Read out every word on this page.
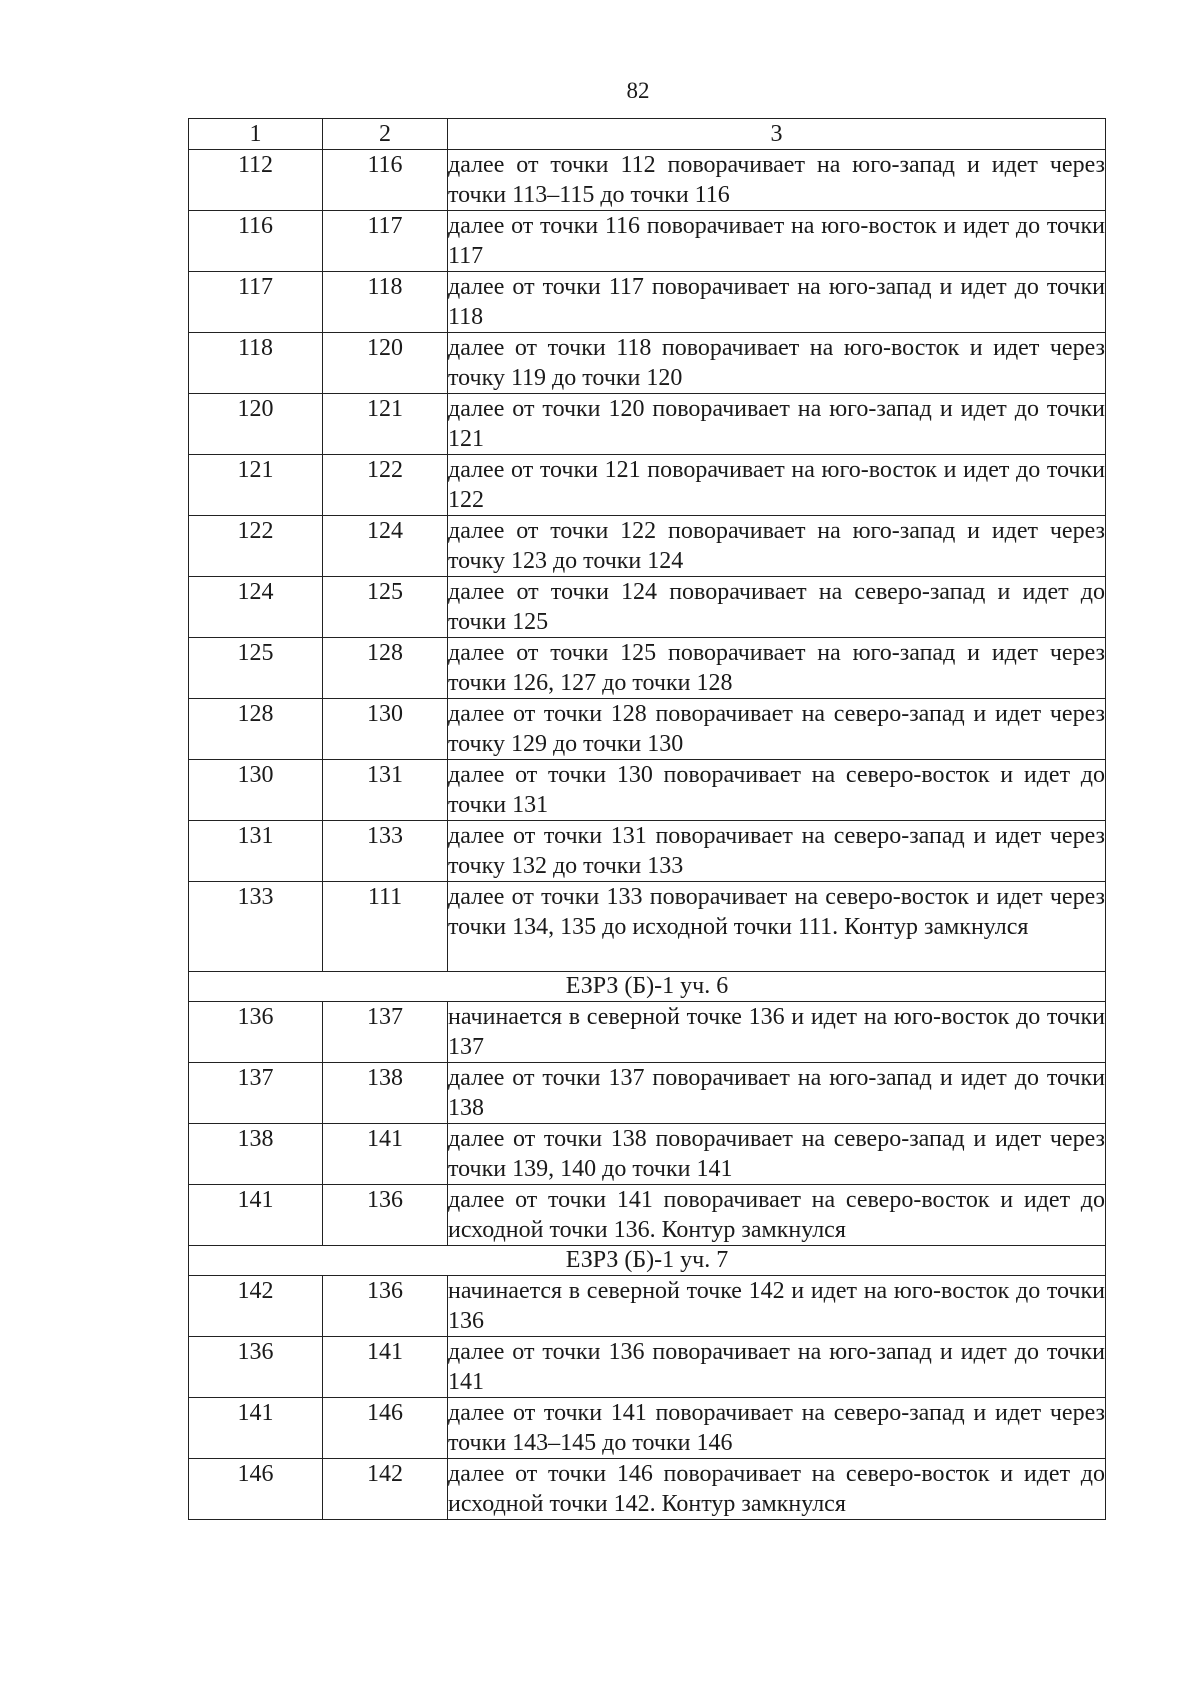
82
1	2	3
112	116	далее от точки 112 поворачивает на юго-запад и идет через точки 113–115 до точки 116
116	117	далее от точки 116 поворачивает на юго-восток и идет до точки 117
117	118	далее от точки 117 поворачивает на юго-запад и идет до точки 118
118	120	далее от точки 118 поворачивает на юго-восток и идет через точку 119 до точки 120
120	121	далее от точки 120 поворачивает на юго-запад и идет до точки 121
121	122	далее от точки 121 поворачивает на юго-восток и идет до точки 122
122	124	далее от точки 122 поворачивает на юго-запад и идет через точку 123 до точки 124
124	125	далее от точки 124 поворачивает на северо-запад и идет до точки 125
125	128	далее от точки 125 поворачивает на юго-запад и идет через точки 126, 127 до точки 128
128	130	далее от точки 128 поворачивает на северо-запад и идет через точку 129 до точки 130
130	131	далее от точки 130 поворачивает на северо-восток и идет до точки 131
131	133	далее от точки 131 поворачивает на северо-запад и идет через точку 132 до точки 133
133	111	далее от точки 133 поворачивает на северо-восток и идет через точки 134, 135 до исходной точки 111. Контур замкнулся
ЕЗРЗ (Б)-1 уч. 6		
136	137	начинается в северной точке 136 и идет на юго-восток до точки 137
137	138	далее от точки 137 поворачивает на юго-запад и идет до точки 138
138	141	далее от точки 138 поворачивает на северо-запад и идет через точки 139, 140 до точки 141
141	136	далее от точки 141 поворачивает на северо-восток и идет до исходной точки 136. Контур замкнулся
ЕЗРЗ (Б)-1 уч. 7		
142	136	начинается в северной точке 142 и идет на юго-восток до точки 136
136	141	далее от точки 136 поворачивает на юго-запад и идет до точки 141
141	146	далее от точки 141 поворачивает на северо-запад и идет через точки 143–145 до точки 146
146	142	далее от точки 146 поворачивает на северо-восток и идет до исходной точки 142. Контур замкнулся
